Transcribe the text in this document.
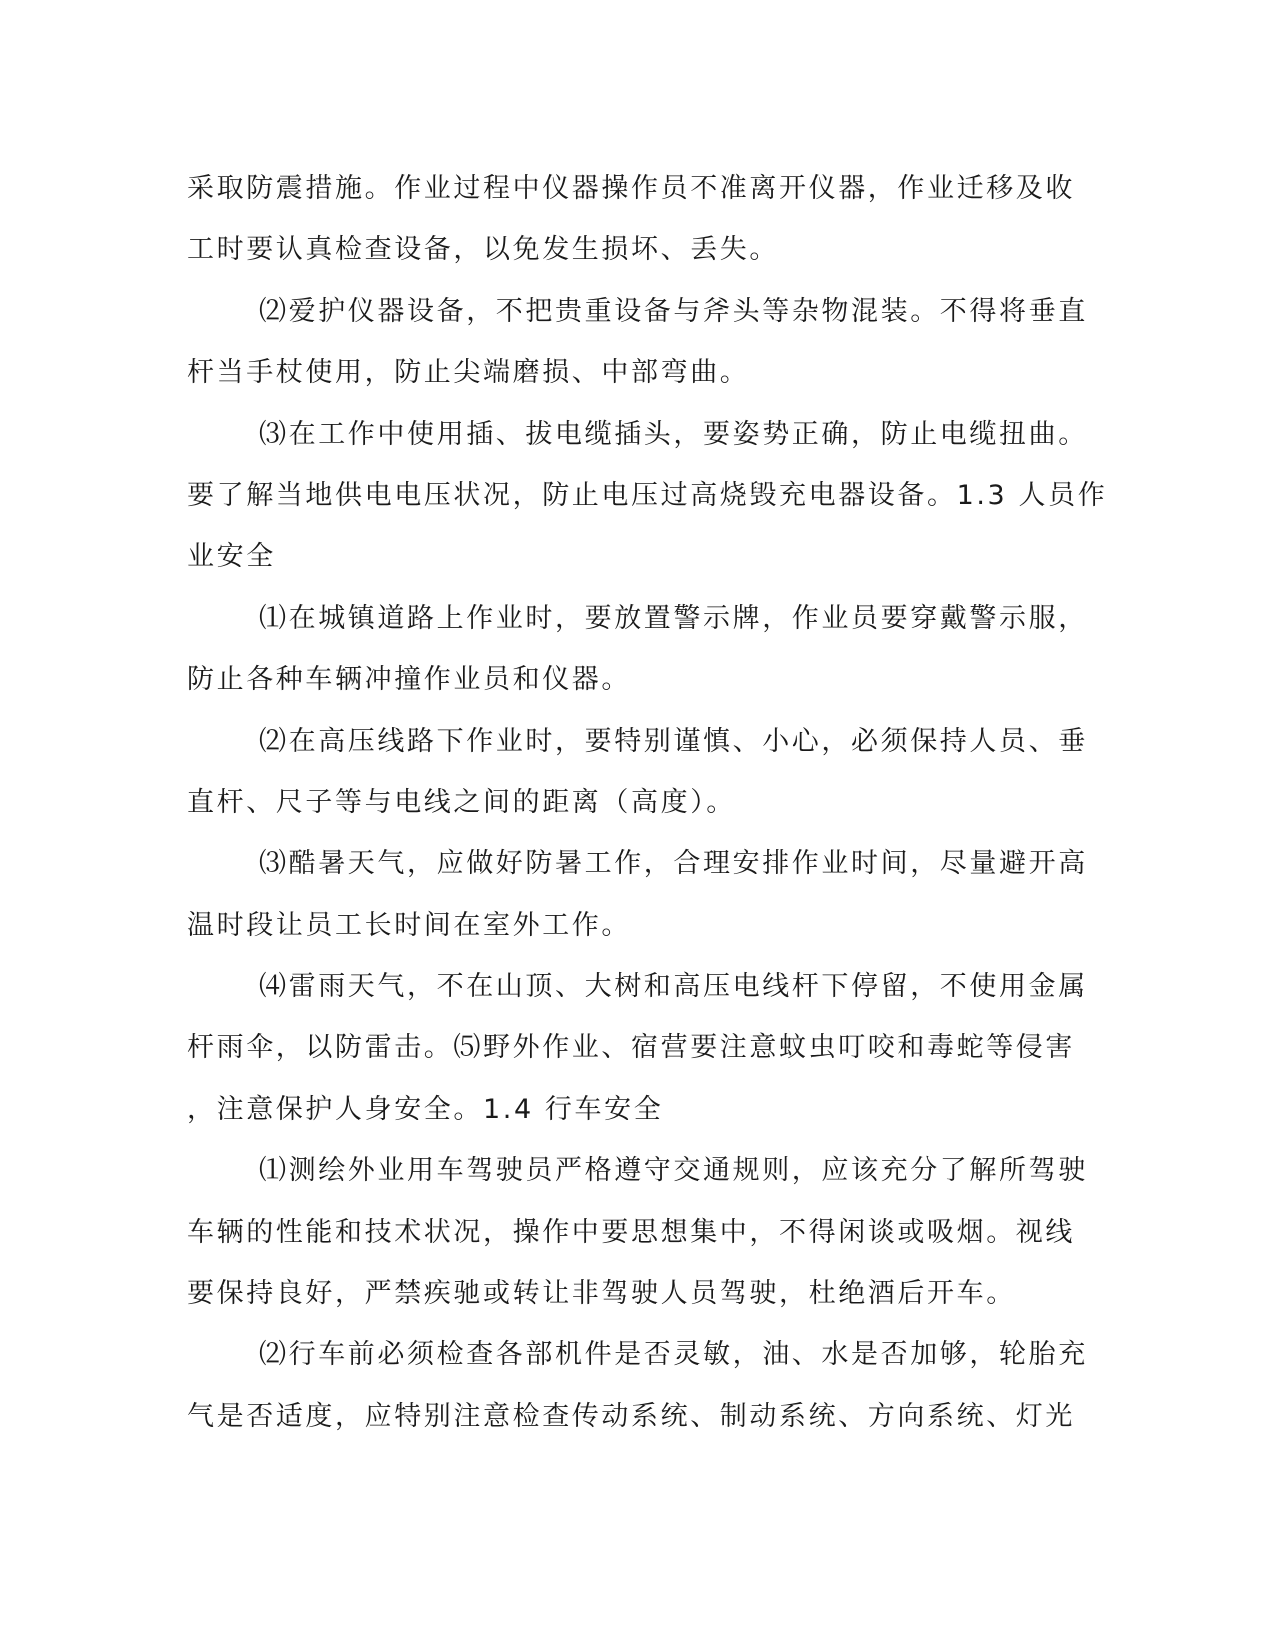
采取防震措施。作业过程中仪器操作员不准离开仪器，作业迁移及收
工时要认真检查设备，以免发生损坏、丢失。
⑵爱护仪器设备，不把贵重设备与斧头等杂物混装。不得将垂直
杆当手杖使用，防止尖端磨损、中部弯曲。
⑶在工作中使用插、拔电缆插头，要姿势正确，防止电缆扭曲。
要了解当地供电电压状况，防止电压过高烧毁充电器设备。1.3 人员作
业安全
⑴在城镇道路上作业时，要放置警示牌，作业员要穿戴警示服，
防止各种车辆冲撞作业员和仪器。
⑵在高压线路下作业时，要特别谨慎、小心，必须保持人员、垂
直杆、尺子等与电线之间的距离（高度）。
⑶酷暑天气，应做好防暑工作，合理安排作业时间，尽量避开高
温时段让员工长时间在室外工作。
⑷雷雨天气，不在山顶、大树和高压电线杆下停留，不使用金属
杆雨伞，以防雷击。⑸野外作业、宿营要注意蚊虫叮咬和毒蛇等侵害
，注意保护人身安全。1.4 行车安全
⑴测绘外业用车驾驶员严格遵守交通规则，应该充分了解所驾驶
车辆的性能和技术状况，操作中要思想集中，不得闲谈或吸烟。视线
要保持良好，严禁疾驰或转让非驾驶人员驾驶，杜绝酒后开车。
⑵行车前必须检查各部机件是否灵敏，油、水是否加够，轮胎充
气是否适度，应特别注意检查传动系统、制动系统、方向系统、灯光
